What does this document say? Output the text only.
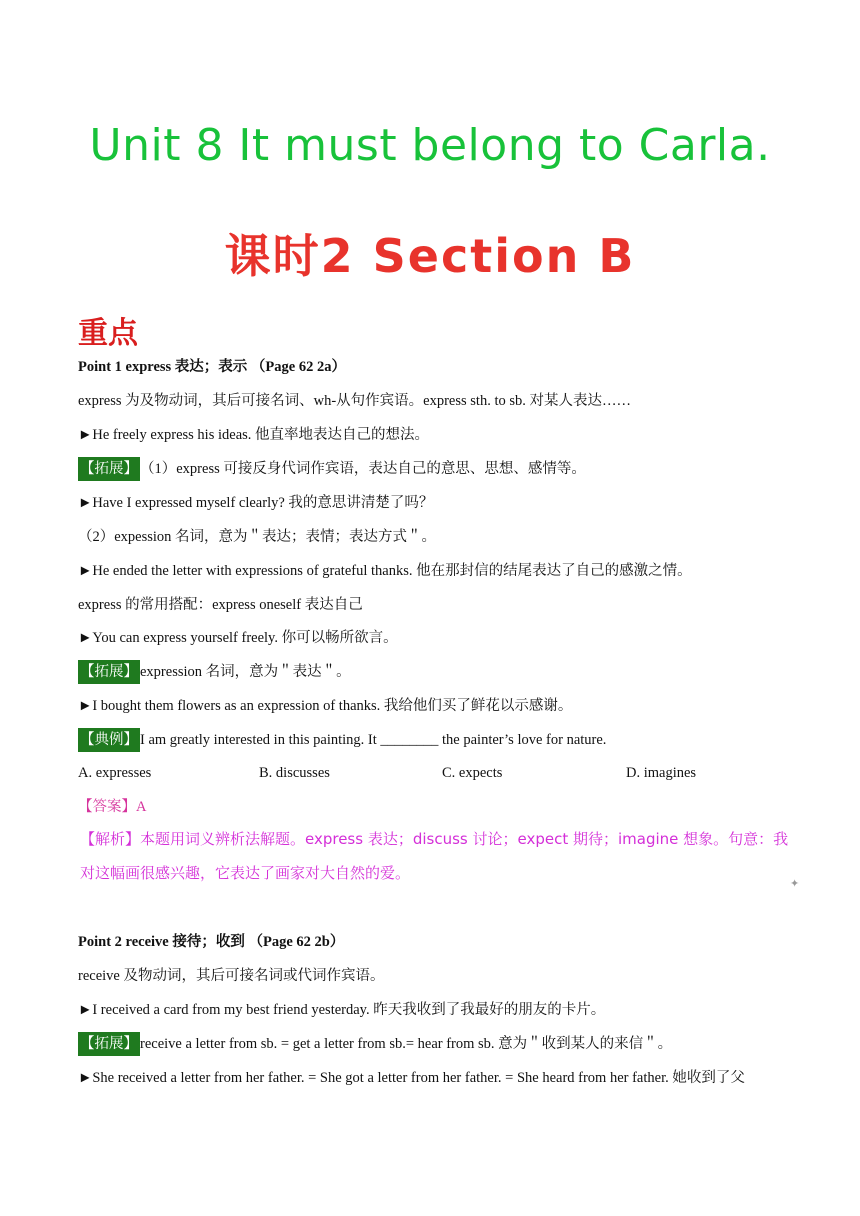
Unit 8 It must belong to Carla.
课时2 Section B
重点
Point 1 express 表达；表示 （Page 62 2a）
express 为及物动词，其后可接名词、wh-从句作宾语。express sth. to sb. 对某人表达……
►He freely express his ideas. 他直率地表达自己的想法。
【拓展】 （1）express 可接反身代词作宾语，表达自己的意思、思想、感情等。
►Have I expressed myself clearly? 我的意思讲清楚了吗？
（2）expession 名词，意为＂表达；表情；表达方式＂。
►He ended the letter with expressions of grateful thanks. 他在那封信的结尾表达了自己的感激之情。
express 的常用搭配：express oneself 表达自己
►You can express yourself freely. 你可以畅所欲言。
【拓展】 expression 名词，意为＂表达＂。
►I bought them flowers as an expression of thanks. 我给他们买了鲜花以示感谢。
【典例】 I am greatly interested in this painting. It ________ the painter’s love for nature.
A. expresses	B. discusses	C. expects	D. imagines
【答案】A
【解析】本题用词义辨析法解题。express 表达；discuss 讨论；expect 期待；imagine 想象。句意：我对这幅画很感兴趣，它表达了画家对大自然的爱。
✦
Point 2 receive 接待；收到 （Page 62 2b）
receive 及物动词，其后可接名词或代词作宾语。
►I received a card from my best friend yesterday. 昨天我收到了我最好的朋友的卡片。
【拓展】 receive a letter from sb. = get a letter from sb.= hear from sb. 意为＂收到某人的来信＂。
►She received a letter from her father. = She got a letter from her father. = She heard from her father. 她收到了父
